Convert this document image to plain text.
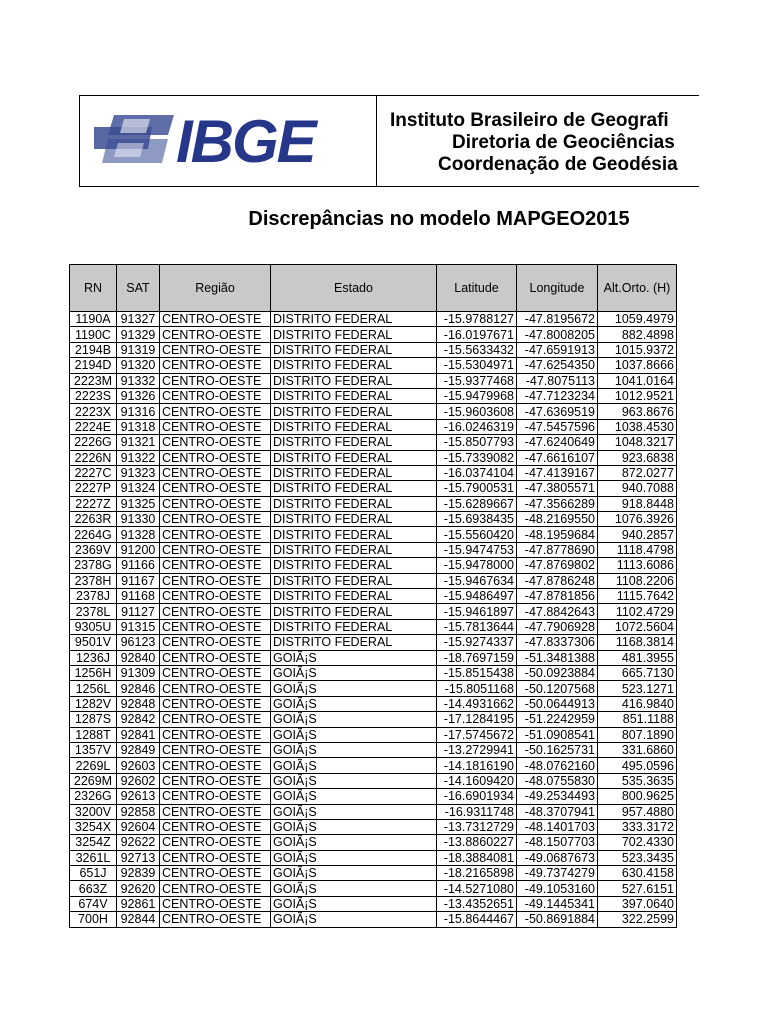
IBGE	Instituto Brasileiro de Geografi
Diretoria de Geociências
Coordenação de Geodésia
Discrepâncias no modelo MAPGEO2015
RN	SAT	Região	Estado	Latitude	Longitude	Alt.Orto. (H)
1190A	91327	CENTRO-OESTE	DISTRITO FEDERAL	-15.9788127	-47.8195672	1059.4979
1190C	91329	CENTRO-OESTE	DISTRITO FEDERAL	-16.0197671	-47.8008205	882.4898
2194B	91319	CENTRO-OESTE	DISTRITO FEDERAL	-15.5633432	-47.6591913	1015.9372
2194D	91320	CENTRO-OESTE	DISTRITO FEDERAL	-15.5304971	-47.6254350	1037.8666
2223M	91332	CENTRO-OESTE	DISTRITO FEDERAL	-15.9377468	-47.8075113	1041.0164
2223S	91326	CENTRO-OESTE	DISTRITO FEDERAL	-15.9479968	-47.7123234	1012.9521
2223X	91316	CENTRO-OESTE	DISTRITO FEDERAL	-15.9603608	-47.6369519	963.8676
2224E	91318	CENTRO-OESTE	DISTRITO FEDERAL	-16.0246319	-47.5457596	1038.4530
2226G	91321	CENTRO-OESTE	DISTRITO FEDERAL	-15.8507793	-47.6240649	1048.3217
2226N	91322	CENTRO-OESTE	DISTRITO FEDERAL	-15.7339082	-47.6616107	923.6838
2227C	91323	CENTRO-OESTE	DISTRITO FEDERAL	-16.0374104	-47.4139167	872.0277
2227P	91324	CENTRO-OESTE	DISTRITO FEDERAL	-15.7900531	-47.3805571	940.7088
2227Z	91325	CENTRO-OESTE	DISTRITO FEDERAL	-15.6289667	-47.3566289	918.8448
2263R	91330	CENTRO-OESTE	DISTRITO FEDERAL	-15.6938435	-48.2169550	1076.3926
2264G	91328	CENTRO-OESTE	DISTRITO FEDERAL	-15.5560420	-48.1959684	940.2857
2369V	91200	CENTRO-OESTE	DISTRITO FEDERAL	-15.9474753	-47.8778690	1118.4798
2378G	91166	CENTRO-OESTE	DISTRITO FEDERAL	-15.9478000	-47.8769802	1113.6086
2378H	91167	CENTRO-OESTE	DISTRITO FEDERAL	-15.9467634	-47.8786248	1108.2206
2378J	91168	CENTRO-OESTE	DISTRITO FEDERAL	-15.9486497	-47.8781856	1115.7642
2378L	91127	CENTRO-OESTE	DISTRITO FEDERAL	-15.9461897	-47.8842643	1102.4729
9305U	91315	CENTRO-OESTE	DISTRITO FEDERAL	-15.7813644	-47.7906928	1072.5604
9501V	96123	CENTRO-OESTE	DISTRITO FEDERAL	-15.9274337	-47.8337306	1168.3814
1236J	92840	CENTRO-OESTE	GOIÃ¡S	-18.7697159	-51.3481388	481.3955
1256H	91309	CENTRO-OESTE	GOIÃ¡S	-15.8515438	-50.0923884	665.7130
1256L	92846	CENTRO-OESTE	GOIÃ¡S	-15.8051168	-50.1207568	523.1271
1282V	92848	CENTRO-OESTE	GOIÃ¡S	-14.4931662	-50.0644913	416.9840
1287S	92842	CENTRO-OESTE	GOIÃ¡S	-17.1284195	-51.2242959	851.1188
1288T	92841	CENTRO-OESTE	GOIÃ¡S	-17.5745672	-51.0908541	807.1890
1357V	92849	CENTRO-OESTE	GOIÃ¡S	-13.2729941	-50.1625731	331.6860
2269L	92603	CENTRO-OESTE	GOIÃ¡S	-14.1816190	-48.0762160	495.0596
2269M	92602	CENTRO-OESTE	GOIÃ¡S	-14.1609420	-48.0755830	535.3635
2326G	92613	CENTRO-OESTE	GOIÃ¡S	-16.6901934	-49.2534493	800.9625
3200V	92858	CENTRO-OESTE	GOIÃ¡S	-16.9311748	-48.3707941	957.4880
3254X	92604	CENTRO-OESTE	GOIÃ¡S	-13.7312729	-48.1401703	333.3172
3254Z	92622	CENTRO-OESTE	GOIÃ¡S	-13.8860227	-48.1507703	702.4330
3261L	92713	CENTRO-OESTE	GOIÃ¡S	-18.3884081	-49.0687673	523.3435
651J	92839	CENTRO-OESTE	GOIÃ¡S	-18.2165898	-49.7374279	630.4158
663Z	92620	CENTRO-OESTE	GOIÃ¡S	-14.5271080	-49.1053160	527.6151
674V	92861	CENTRO-OESTE	GOIÃ¡S	-13.4352651	-49.1445341	397.0640
700H	92844	CENTRO-OESTE	GOIÃ¡S	-15.8644467	-50.8691884	322.2599
